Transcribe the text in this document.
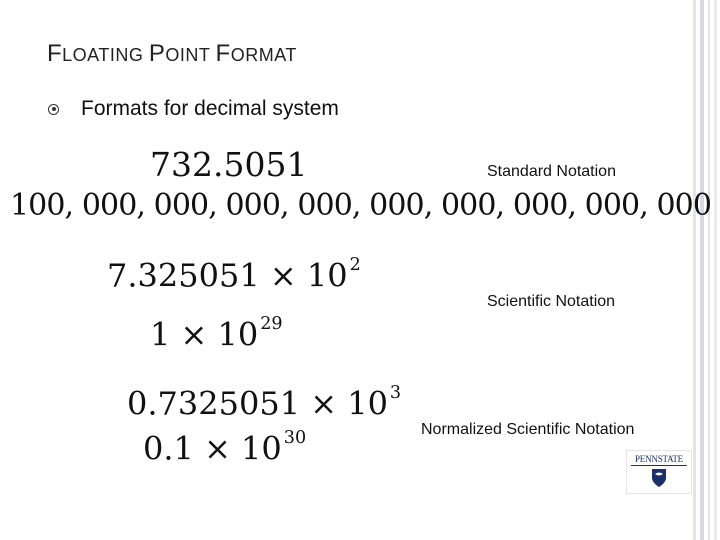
FLOATING POINT FORMAT
Formats for decimal system
732.5051
100, 000, 000, 000, 000, 000, 000, 000, 000, 000
7.325051 × 10 $^2$
1 × 10 $^{29}$
0.7325051 × 10 $^3$
0.1 × 10 $^{30}$
Standard Notation
Scientific Notation
Normalized Scientific Notation
PENNSTATE
